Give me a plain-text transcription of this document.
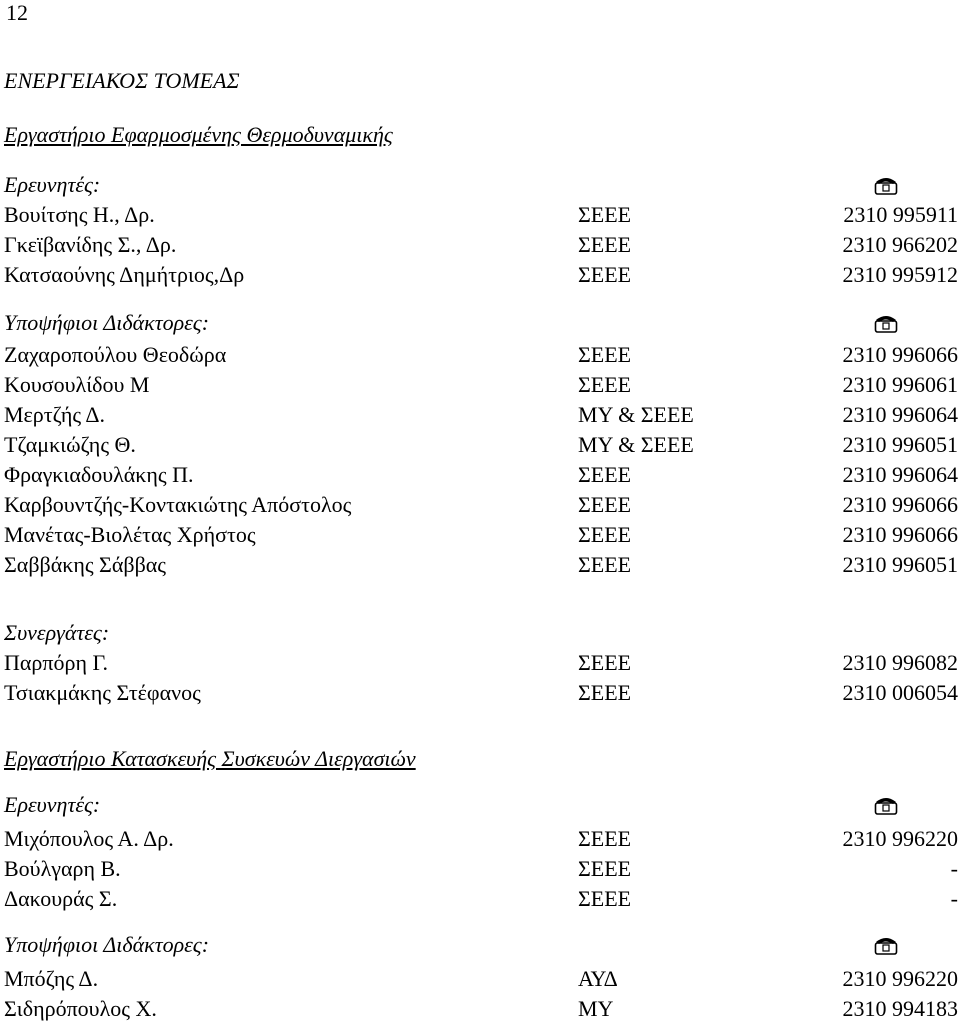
12
ΕΝΕΡΓΕΙΑΚΟΣ ΤΟΜΕΑΣ
Εργαστήριο Εφαρμοσμένης Θερμοδυναμικής
Ερευνητές:
Βουίτσης Η., Δρ.	ΣΕΕΕ	2310 995911
Γκεϊβανίδης Σ., Δρ.	ΣΕΕΕ	2310 966202
Κατσαούνης Δημήτριος,Δρ	ΣΕΕΕ	2310 995912
Υποψήφιοι Διδάκτορες:
Ζαχαροπούλου Θεοδώρα	ΣΕΕΕ	2310 996066
Κουσουλίδου Μ	ΣΕΕΕ	2310 996061
Μερτζής Δ.	ΜΥ & ΣΕΕΕ	2310 996064
Τζαμκιώζης Θ.	ΜΥ & ΣΕΕΕ	2310 996051
Φραγκιαδουλάκης Π.	ΣΕΕΕ	2310 996064
Καρβουντζής-Κοντακιώτης Απόστολος	ΣΕΕΕ	2310 996066
Μανέτας-Βιολέτας Χρήστος	ΣΕΕΕ	2310 996066
Σαββάκης Σάββας	ΣΕΕΕ	2310 996051
Συνεργάτες:
Παρπόρη Γ.	ΣΕΕΕ	2310 996082
Τσιακμάκης Στέφανος	ΣΕΕΕ	2310 006054
Εργαστήριο Κατασκευής Συσκευών Διεργασιών
Ερευνητές:
Μιχόπουλος Α. Δρ.	ΣΕΕΕ	2310 996220
Βούλγαρη Β.	ΣΕΕΕ	-
Δακουράς Σ.	ΣΕΕΕ	-
Υποψήφιοι Διδάκτορες:
Μπόζης Δ.	ΑΥΔ	2310 996220
Σιδηρόπουλος Χ.	ΜΥ	2310 994183
